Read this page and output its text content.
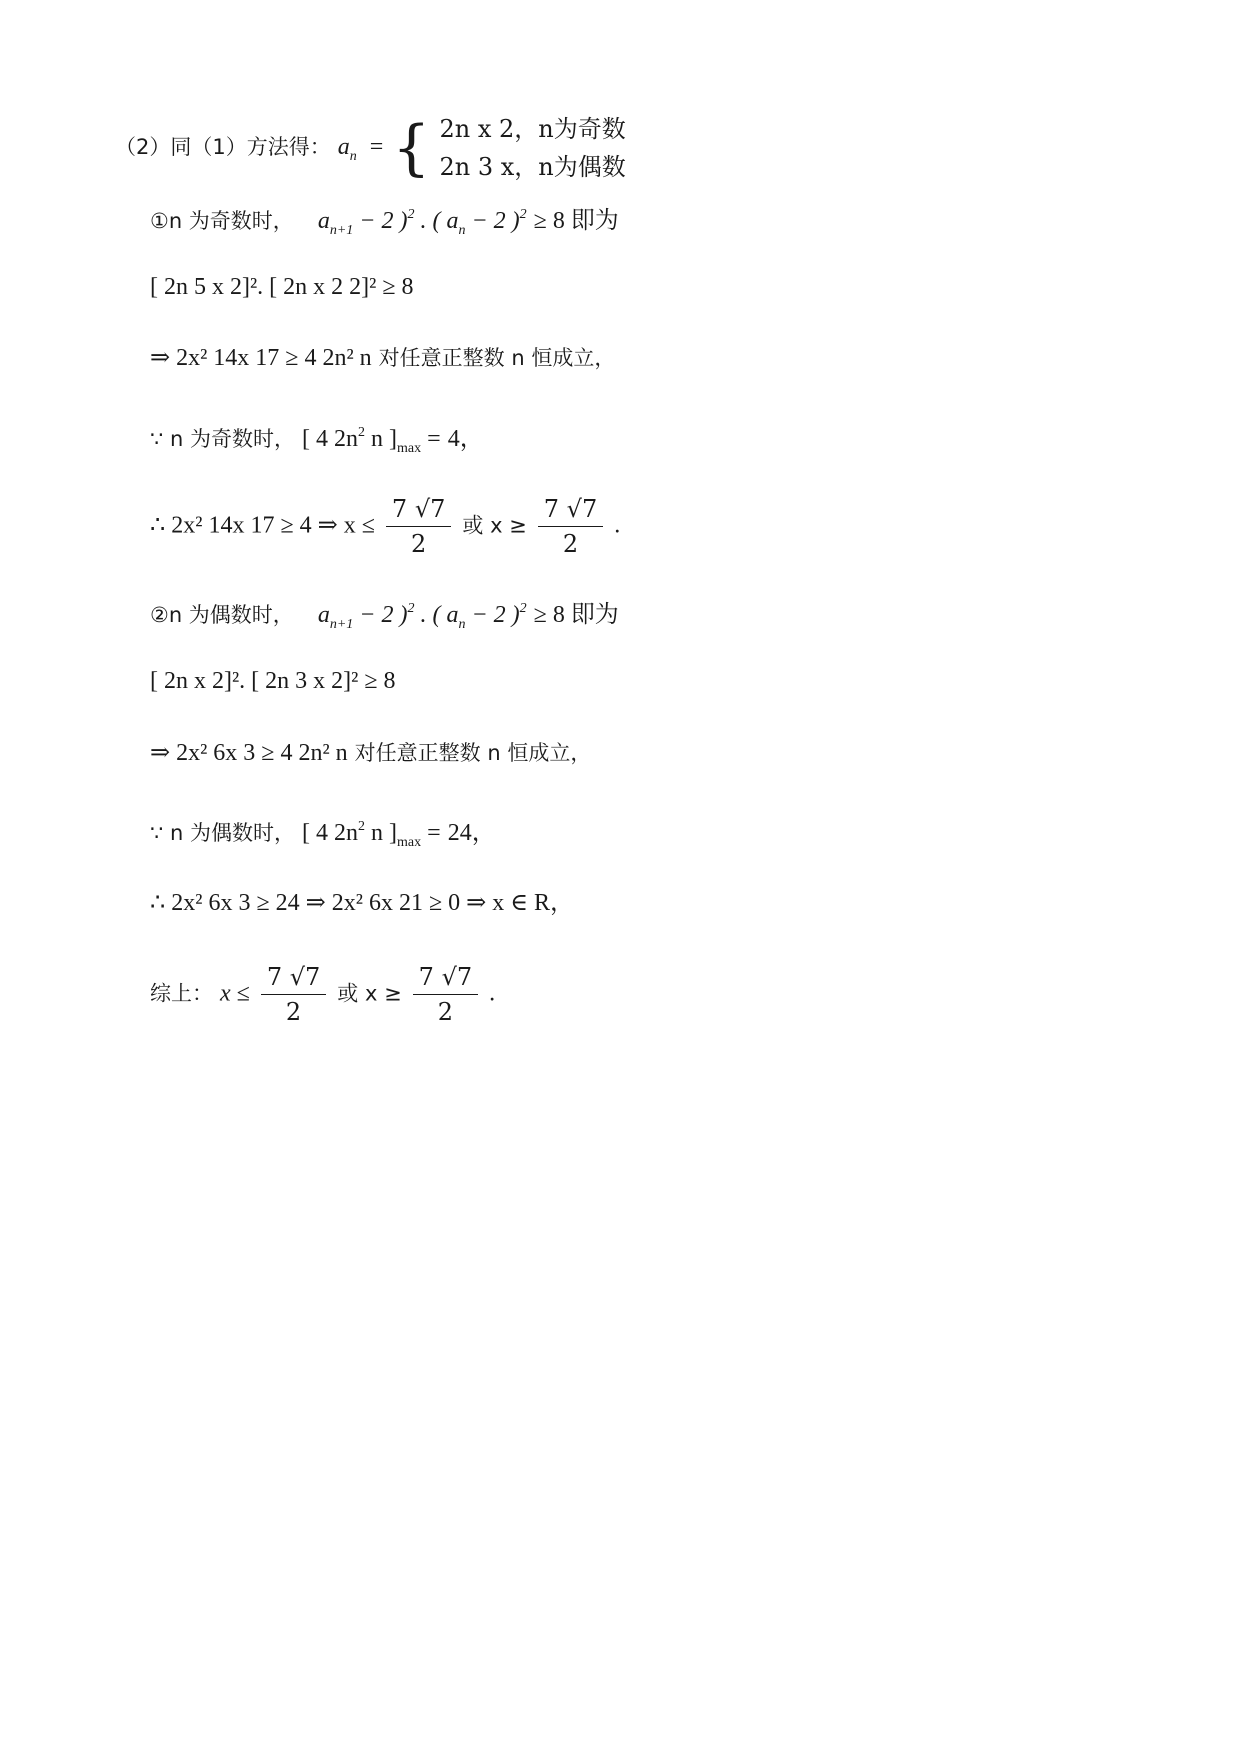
（2）同（1）方法得： $a_n$  = { 2n x 2，n为奇数
2n 3 x，n为偶数
①n 为奇数时， $a_{n+1} - 2$ )$^2$ . ( $a_n - 2$ )$^2$ ≥ 8 即为
[ 2n 5 x 2]². [ 2n x 2 2]² ≥ 8
⇒ 2x² 14x 17 ≥ 4 2n² n 对任意正整数 n 恒成立，
∵ n 为奇数时， [ 4 $2n^2$ n ]$_{max} = 4$，
∴ 2x² 14x 17 ≥ 4 ⇒ $x \le \frac{7 √7}{2}$ 或 $x \ge \frac{7 √7}{2}$ .
②n 为偶数时， $a_{n+1} - 2$ )$^2$ . ( $a_n - 2$ )$^2$ ≥ 8 即为
[ 2n x 2]². [ 2n 3 x 2]² ≥ 8
⇒ 2x² 6x 3 ≥ 4 2n² n 对任意正整数 n 恒成立，
∵ n 为偶数时， [ 4 $2n^2$ n ]$_{max} = 24$，
∴ 2x² 6x 3 ≥ 24 ⇒ 2x² 6x 21 ≥ 0 ⇒ x ∈ R，
综上： $x \le \frac{7 √7}{2}$ 或 $x \ge \frac{7 √7}{2}$ .
